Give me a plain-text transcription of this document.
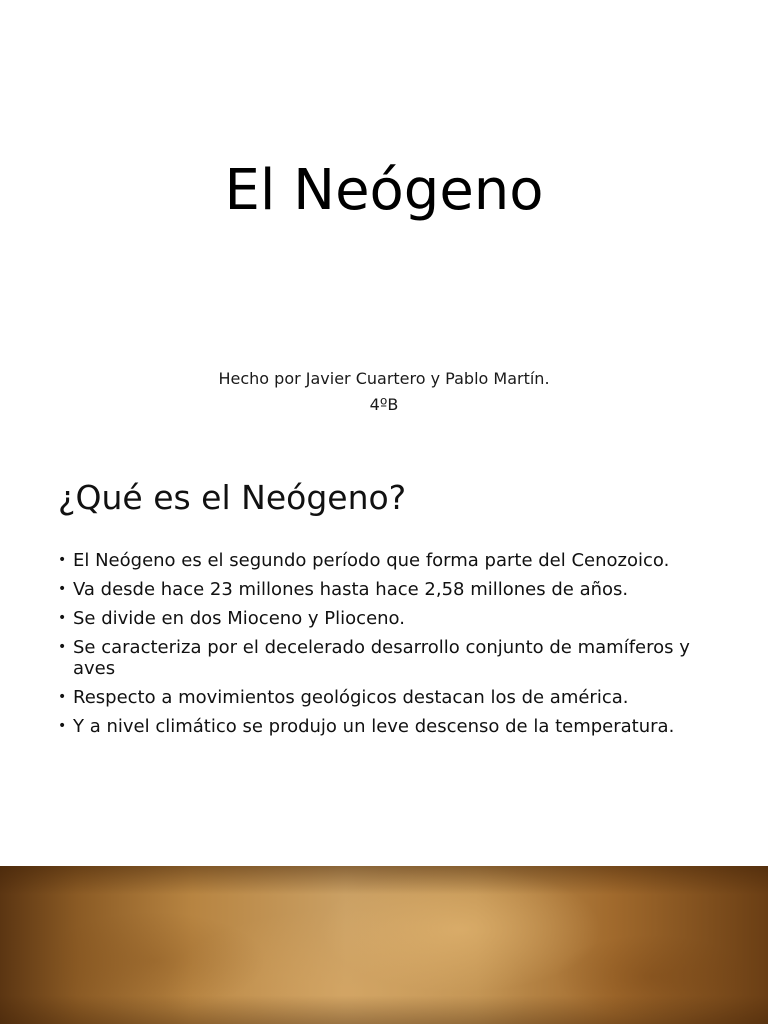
El Neógeno
Hecho por Javier Cuartero y Pablo Martín.
4ºB
¿Qué es el Neógeno?
• El Neógeno es el segundo período que forma parte del Cenozoico.
• Va desde hace 23 millones hasta hace 2,58 millones de años.
• Se divide en dos Mioceno y Plioceno.
• Se caracteriza por el decelerado desarrollo conjunto de mamíferos y aves
• Respecto a movimientos geológicos destacan los de américa.
• Y a nivel climático se produjo un leve descenso de la temperatura.
